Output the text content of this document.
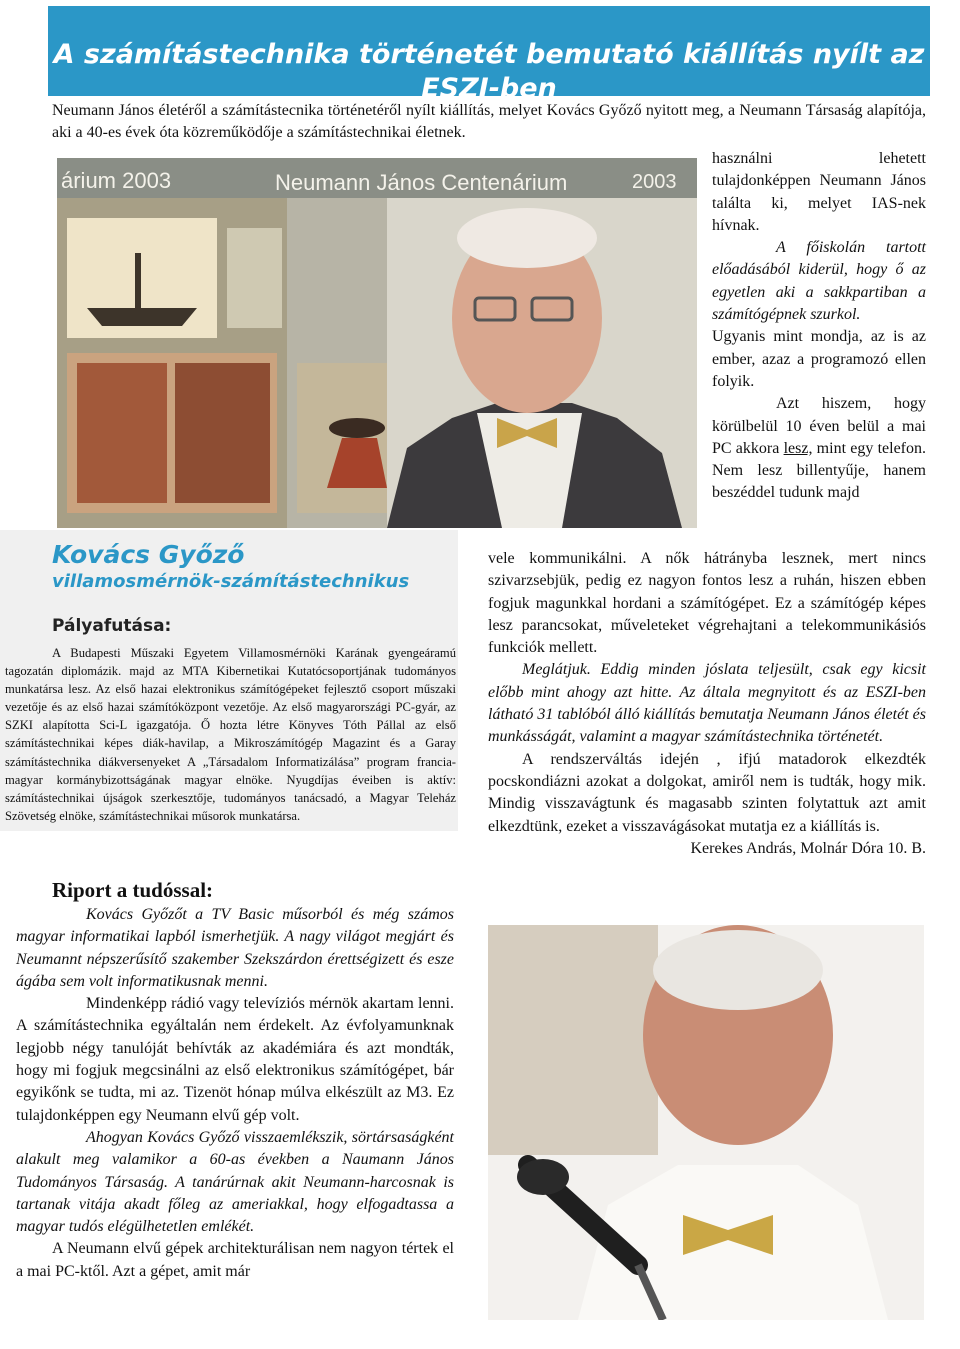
A számítástechnika történetét bemutató kiállítás nyílt az ESZI-ben

Neumann János életéről a számítástecnika történetéről nyílt kiállítás, melyet Kovács Győző nyitott meg, a Neumann Társaság alapítója, aki a 40-es évek óta közreműködője a számítástechnikai életnek.

árium 2003	Neumann János Centenárium	2003

használni lehetett tulajdonképpen Neumann János találta ki, melyet IAS-nek hívnak.

A főiskolán tartott előadásából kiderül, hogy ő az egyetlen aki a sakkpartiban a számítógépnek szurkol.

Ugyanis mint mondja, az is az ember, azaz a programozó ellen folyik.

Azt hiszem, hogy körülbelül 10 éven belül a mai PC akkora lesz, mint egy telefon. Nem lesz billentyűje, hanem beszéddel tudunk majd

vele kommunikálni. A nők hátrányba lesznek, mert nincs szivarzsebjük, pedig ez nagyon fontos lesz a ruhán, hiszen ebben fogjuk magunkkal hordani a számítógépet. Ez a számítógép képes lesz parancsokat, műveleteket végrehajtani a telekommunikásiós funkciók mellett.

Meglátjuk. Eddig minden jóslata teljesült, csak egy kicsit előbb mint ahogy azt hitte. Az általa megnyitott és az ESZI-ben látható 31 tablóból álló kiállítás bemutatja Neumann János életét és munkásságát, valamint a magyar számítástechnika történetét.

A rendszerváltás idején , ifjú matadorok elkezdték pocskondiázni azokat a dolgokat, amiről nem is tudták, hogy mik. Mindig visszavágtunk és magasabb szinten folytattuk azt amit elkezdtünk, ezeket a visszavágásokat mutatja ez a kiállítás is.

Kerekes András, Molnár Dóra 10. B.

Kovács Győző
villamosmérnök-számítástechnikus
Pályafutása:

A Budapesti Műszaki Egyetem Villamosmérnöki Karának gyengeáramú tagozatán diplomázik. majd az MTA Kibernetikai Kutatócsoportjának tudományos munkatársa lesz. Az első hazai elektronikus számítógépeket fejlesztő csoport műszaki vezetője és az első hazai számítóközpont vezetője. Az első magyarországi PC-gyár, az SZKI alapította Sci-L igazgatója. Ő hozta létre Könyves Tóth Pállal az első számítástechnikai képes diák-havilap, a Mikroszámítógép Magazint és a Garay számítástechnika diákversenyeket A „Társadalom Informatizálása” program francia-magyar kormánybizottságának magyar elnöke. Nyugdíjas éveiben is aktív: számítástechnikai újságok szerkesztője, tudományos tanácsadó, a Magyar Teleház Szövetség elnöke, számítástechnikai műsorok munkatársa.

Riport a tudóssal:

Kovács Győzőt a TV Basic műsorból és még számos magyar informatikai lapból ismerhetjük. A nagy világot megjárt és Neumannt népszerűsítő szakember Szekszárdon érettségizett és esze ágába sem volt informatikusnak menni.

Mindenképp rádió vagy televíziós mérnök akartam lenni. A számítástechnika egyáltalán nem érdekelt. Az évfolyamunknak legjobb négy tanulóját behívták az akadémiára és azt mondták, hogy mi fogjuk megcsinálni az első elektronikus számítógépet, bár egyikőnk se tudta, mi az. Tizenöt hónap múlva elkészült az M3. Ez tulajdonképpen egy Neumann elvű gép volt.

Ahogyan Kovács Győző visszaemlékszik, sörtársaságként alakult meg valamikor a 60-as években a Naumann János Tudományos Társaság. A tanárúrnak akit Neumann-harcosnak is tartanak vitája akadt főleg az ameriakkal, hogy elfogadtassa a magyar tudós elégülhetetlen emlékét.

A Neumann elvű gépek architekturálisan nem nagyon tértek el a mai PC-ktől. Azt a gépet, amit már
